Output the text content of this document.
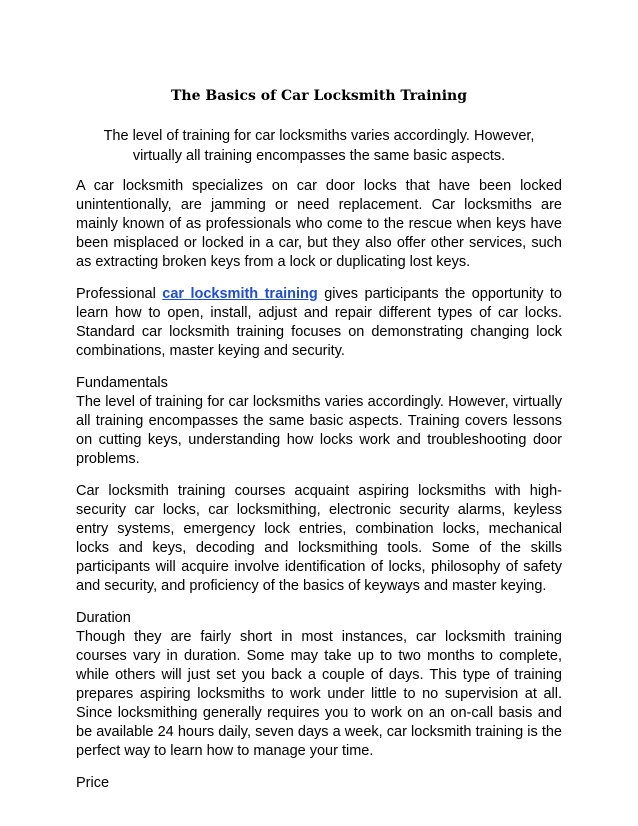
The Basics of Car Locksmith Training

The level of training for car locksmiths varies accordingly. However, virtually all training encompasses the same basic aspects.

A car locksmith specializes on car door locks that have been locked unintentionally, are jamming or need replacement. Car locksmiths are mainly known of as professionals who come to the rescue when keys have been misplaced or locked in a car, but they also offer other services, such as extracting broken keys from a lock or duplicating lost keys.

Professional car locksmith training gives participants the opportunity to learn how to open, install, adjust and repair different types of car locks. Standard car locksmith training focuses on demonstrating changing lock combinations, master keying and security.

Fundamentals
The level of training for car locksmiths varies accordingly. However, virtually all training encompasses the same basic aspects. Training covers lessons on cutting keys, understanding how locks work and troubleshooting door problems.

Car locksmith training courses acquaint aspiring locksmiths with high-security car locks, car locksmithing, electronic security alarms, keyless entry systems, emergency lock entries, combination locks, mechanical locks and keys, decoding and locksmithing tools. Some of the skills participants will acquire involve identification of locks, philosophy of safety and security, and proficiency of the basics of keyways and master keying.

Duration
Though they are fairly short in most instances, car locksmith training courses vary in duration. Some may take up to two months to complete, while others will just set you back a couple of days. This type of training prepares aspiring locksmiths to work under little to no supervision at all. Since locksmithing generally requires you to work on an on-call basis and be available 24 hours daily, seven days a week, car locksmith training is the perfect way to learn how to manage your time.

Price
